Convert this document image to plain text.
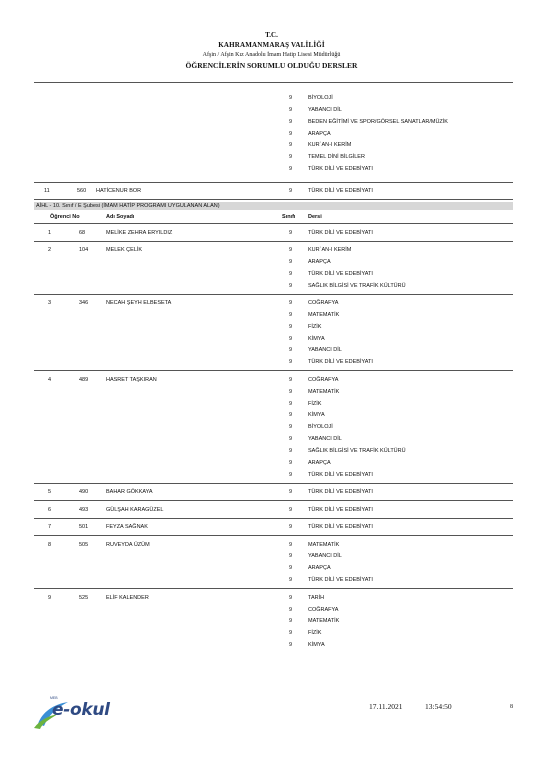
T.C.
KAHRAMANMARAŞ VALİLİĞİ
Afşin / Afşin Kız Anadolu İmam Hatip Lisesi Müdürlüğü
ÖĞRENCİLERİN SORUMLU OLDUĞU DERSLER
9	BİYOLOJİ
9	YABANCI DİL
9	BEDEN EĞİTİMİ VE SPOR/GÖRSEL SANATLAR/MÜZİK
9	ARAPÇA
9	KUR`AN-I KERİM
9	TEMEL DİNİ BİLGİLER
9	TÜRK DİLİ VE EDEBİYATI
11	560 HATİCENUR BOR	9	TÜRK DİLİ VE EDEBİYATI
AİHL - 10. Sınıf / E Şubesi (İMAM HATİP PROGRAMI UYGULANAN ALAN)
Öğrenci No	Adı Soyadı	Sınıfı Dersi
1	68	MELİKE ZEHRA ERYILDIZ	9	TÜRK DİLİ VE EDEBİYATI
2	104	MELEK ÇELİK	9	KUR`AN-I KERİM
9	ARAPÇA
9	TÜRK DİLİ VE EDEBİYATI
9	SAĞLIK BİLGİSİ VE TRAFİK KÜLTÜRÜ
3	346	NECAH ŞEYH ELBESETA	9	COĞRAFYA
9	MATEMATİK
9	FİZİK
9	KİMYA
9	YABANCI DİL
9	TÜRK DİLİ VE EDEBİYATI
4	489	HASRET TAŞKIRAN	9	COĞRAFYA
9	MATEMATİK
9	FİZİK
9	KİMYA
9	BİYOLOJİ
9	YABANCI DİL
9	SAĞLIK BİLGİSİ VE TRAFİK KÜLTÜRÜ
9	ARAPÇA
9	TÜRK DİLİ VE EDEBİYATI
5	490	BAHAR GÖKKAYA	9	TÜRK DİLİ VE EDEBİYATI
6	493	GÜLŞAH KARAGÜZEL	9	TÜRK DİLİ VE EDEBİYATI
7	501	FEYZA SAĞNAK	9	TÜRK DİLİ VE EDEBİYATI
8	505	RUVEYDA ÜZÜM	9	MATEMATİK
9	YABANCI DİL
9	ARAPÇA
9	TÜRK DİLİ VE EDEBİYATI
9	525	ELİF KALENDER	9	TARİH
9	COĞRAFYA
9	MATEMATİK
9	FİZİK
9	KİMYA
MEB
e-okul	17.11.2021	13:54:50	8
